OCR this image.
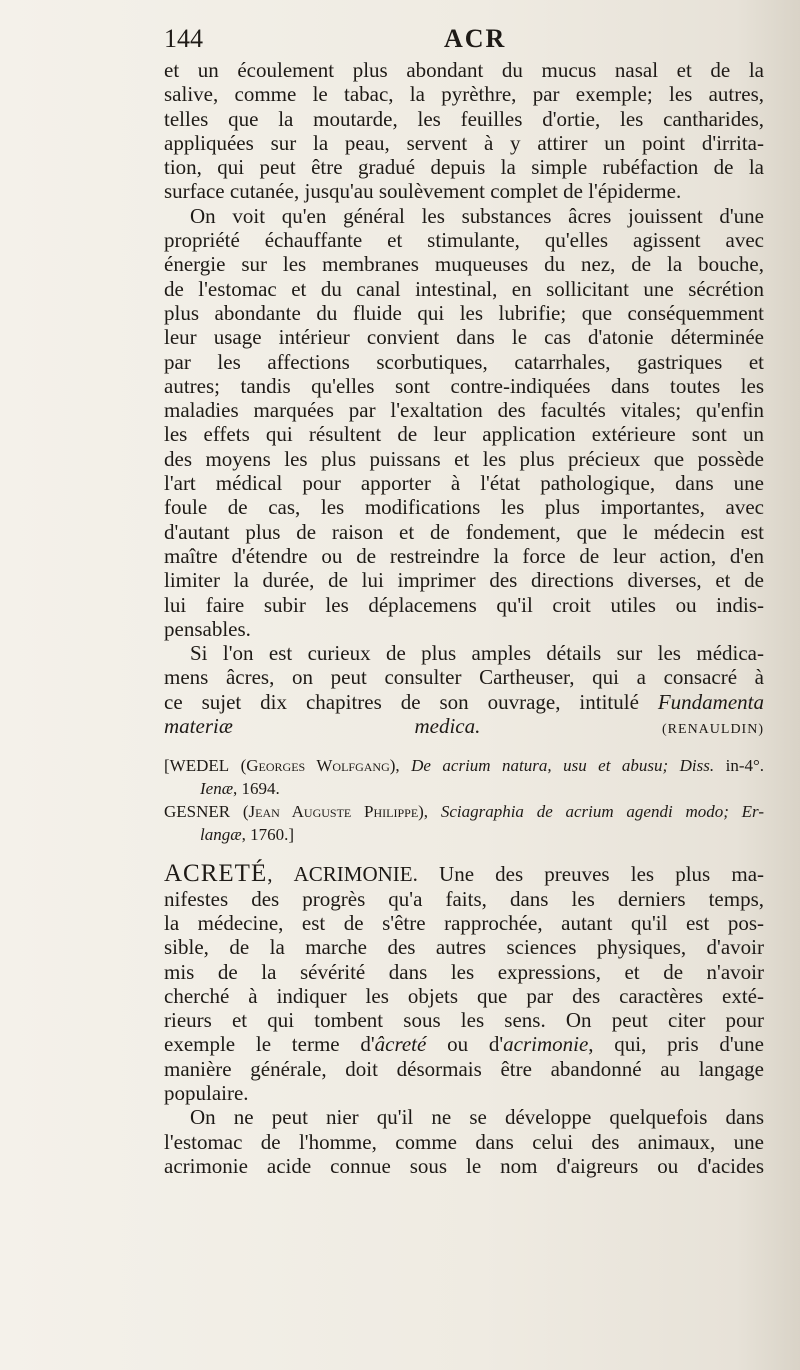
144	ACR
et un écoulement plus abondant du mucus nasal et de la
salive, comme le tabac, la pyrèthre, par exemple; les autres,
telles que la moutarde, les feuilles d'ortie, les cantharides,
appliquées sur la peau, servent à y attirer un point d'irrita-
tion, qui peut être gradué depuis la simple rubéfaction de la
surface cutanée, jusqu'au soulèvement complet de l'épiderme.
On voit qu'en général les substances âcres jouissent d'une
propriété échauffante et stimulante, qu'elles agissent avec
énergie sur les membranes muqueuses du nez, de la bouche,
de l'estomac et du canal intestinal, en sollicitant une sécrétion
plus abondante du fluide qui les lubrifie; que conséquemment
leur usage intérieur convient dans le cas d'atonie déterminée
par les affections scorbutiques, catarrhales, gastriques et
autres; tandis qu'elles sont contre-indiquées dans toutes les
maladies marquées par l'exaltation des facultés vitales; qu'enfin
les effets qui résultent de leur application extérieure sont un
des moyens les plus puissans et les plus précieux que possède
l'art médical pour apporter à l'état pathologique, dans une
foule de cas, les modifications les plus importantes, avec
d'autant plus de raison et de fondement, que le médecin est
maître d'étendre ou de restreindre la force de leur action, d'en
limiter la durée, de lui imprimer des directions diverses, et de
lui faire subir les déplacemens qu'il croit utiles ou indis-
pensables.
Si l'on est curieux de plus amples détails sur les médica-
mens âcres, on peut consulter Cartheuser, qui a consacré à
ce sujet dix chapitres de son ouvrage, intitulé Fundamenta
materiæ medica.	(RENAULDIN)
[WEDEL (Georges Wolfgang), De acrium natura, usu et abusu; Diss. in-4°.
Ienæ, 1694.
GESNER (Jean Auguste Philippe), Sciagraphia de acrium agendi modo; Er-
langæ, 1760.]
ACRETÉ, ACRIMONIE. Une des preuves les plus ma-
nifestes des progrès qu'a faits, dans les derniers temps,
la médecine, est de s'être rapprochée, autant qu'il est pos-
sible, de la marche des autres sciences physiques, d'avoir
mis de la sévérité dans les expressions, et de n'avoir
cherché à indiquer les objets que par des caractères exté-
rieurs et qui tombent sous les sens. On peut citer pour
exemple le terme d'âcreté ou d'acrimonie, qui, pris d'une
manière générale, doit désormais être abandonné au langage
populaire.
On ne peut nier qu'il ne se développe quelquefois dans
l'estomac de l'homme, comme dans celui des animaux, une
acrimonie acide connue sous le nom d'aigreurs ou d'acides
